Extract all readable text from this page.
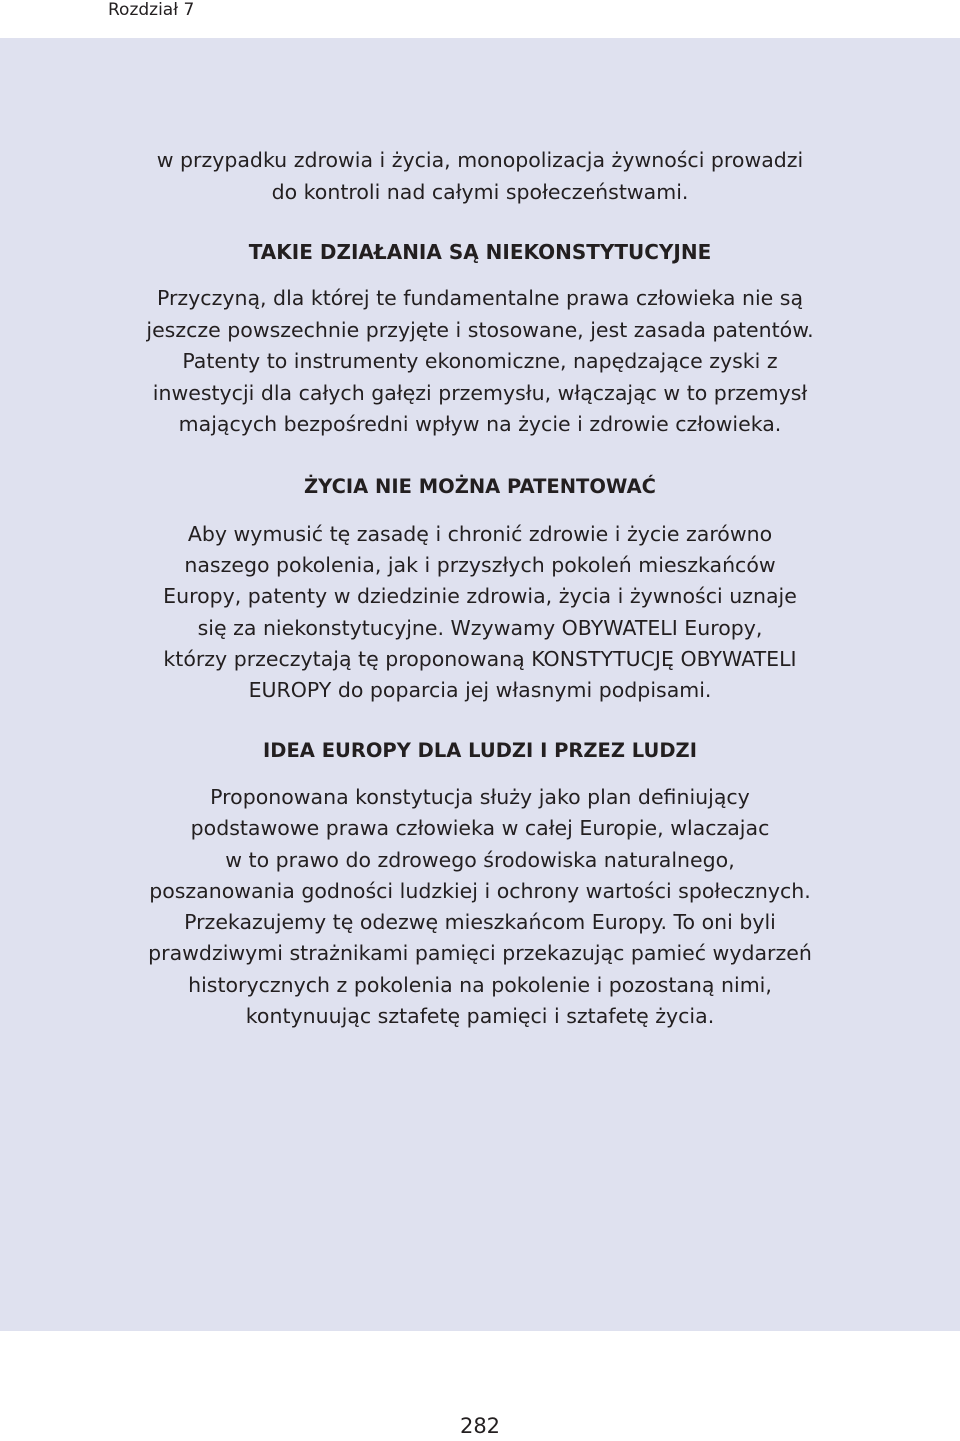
Rozdział 7
w przypadku zdrowia i życia, monopolizacja żywności prowadzi
do kontroli nad całymi społeczeństwami.
TAKIE DZIAŁANIA SĄ NIEKONSTYTUCYJNE
Przyczyną, dla której te fundamentalne prawa człowieka nie są
jeszcze powszechnie przyjęte i stosowane, jest zasada patentów.
Patenty to instrumenty ekonomiczne, napędzające zyski z
inwestycji dla całych gałęzi przemysłu, włączając w to przemysł
mających bezpośredni wpływ na życie i zdrowie człowieka.
ŻYCIA NIE MOŻNA PATENTOWAĆ
Aby wymusić tę zasadę i chronić zdrowie i życie zarówno
naszego pokolenia, jak i przyszłych pokoleń mieszkańców
Europy, patenty w dziedzinie zdrowia, życia i żywności uznaje
się za niekonstytucyjne. Wzywamy OBYWATELI Europy,
którzy przeczytają tę proponowaną KONSTYTUCJĘ OBYWATELI
EUROPY do poparcia jej własnymi podpisami.
IDEA EUROPY DLA LUDZI I PRZEZ LUDZI
Proponowana konstytucja służy jako plan definiujący
podstawowe prawa człowieka w całej Europie, wlaczajac
w to prawo do zdrowego środowiska naturalnego,
poszanowania godności ludzkiej i ochrony wartości społecznych.
Przekazujemy tę odezwę mieszkańcom Europy. To oni byli
prawdziwymi strażnikami pamięci przekazując pamieć wydarzeń
historycznych z pokolenia na pokolenie i pozostaną nimi,
kontynuując sztafetę pamięci i sztafetę życia.
282
